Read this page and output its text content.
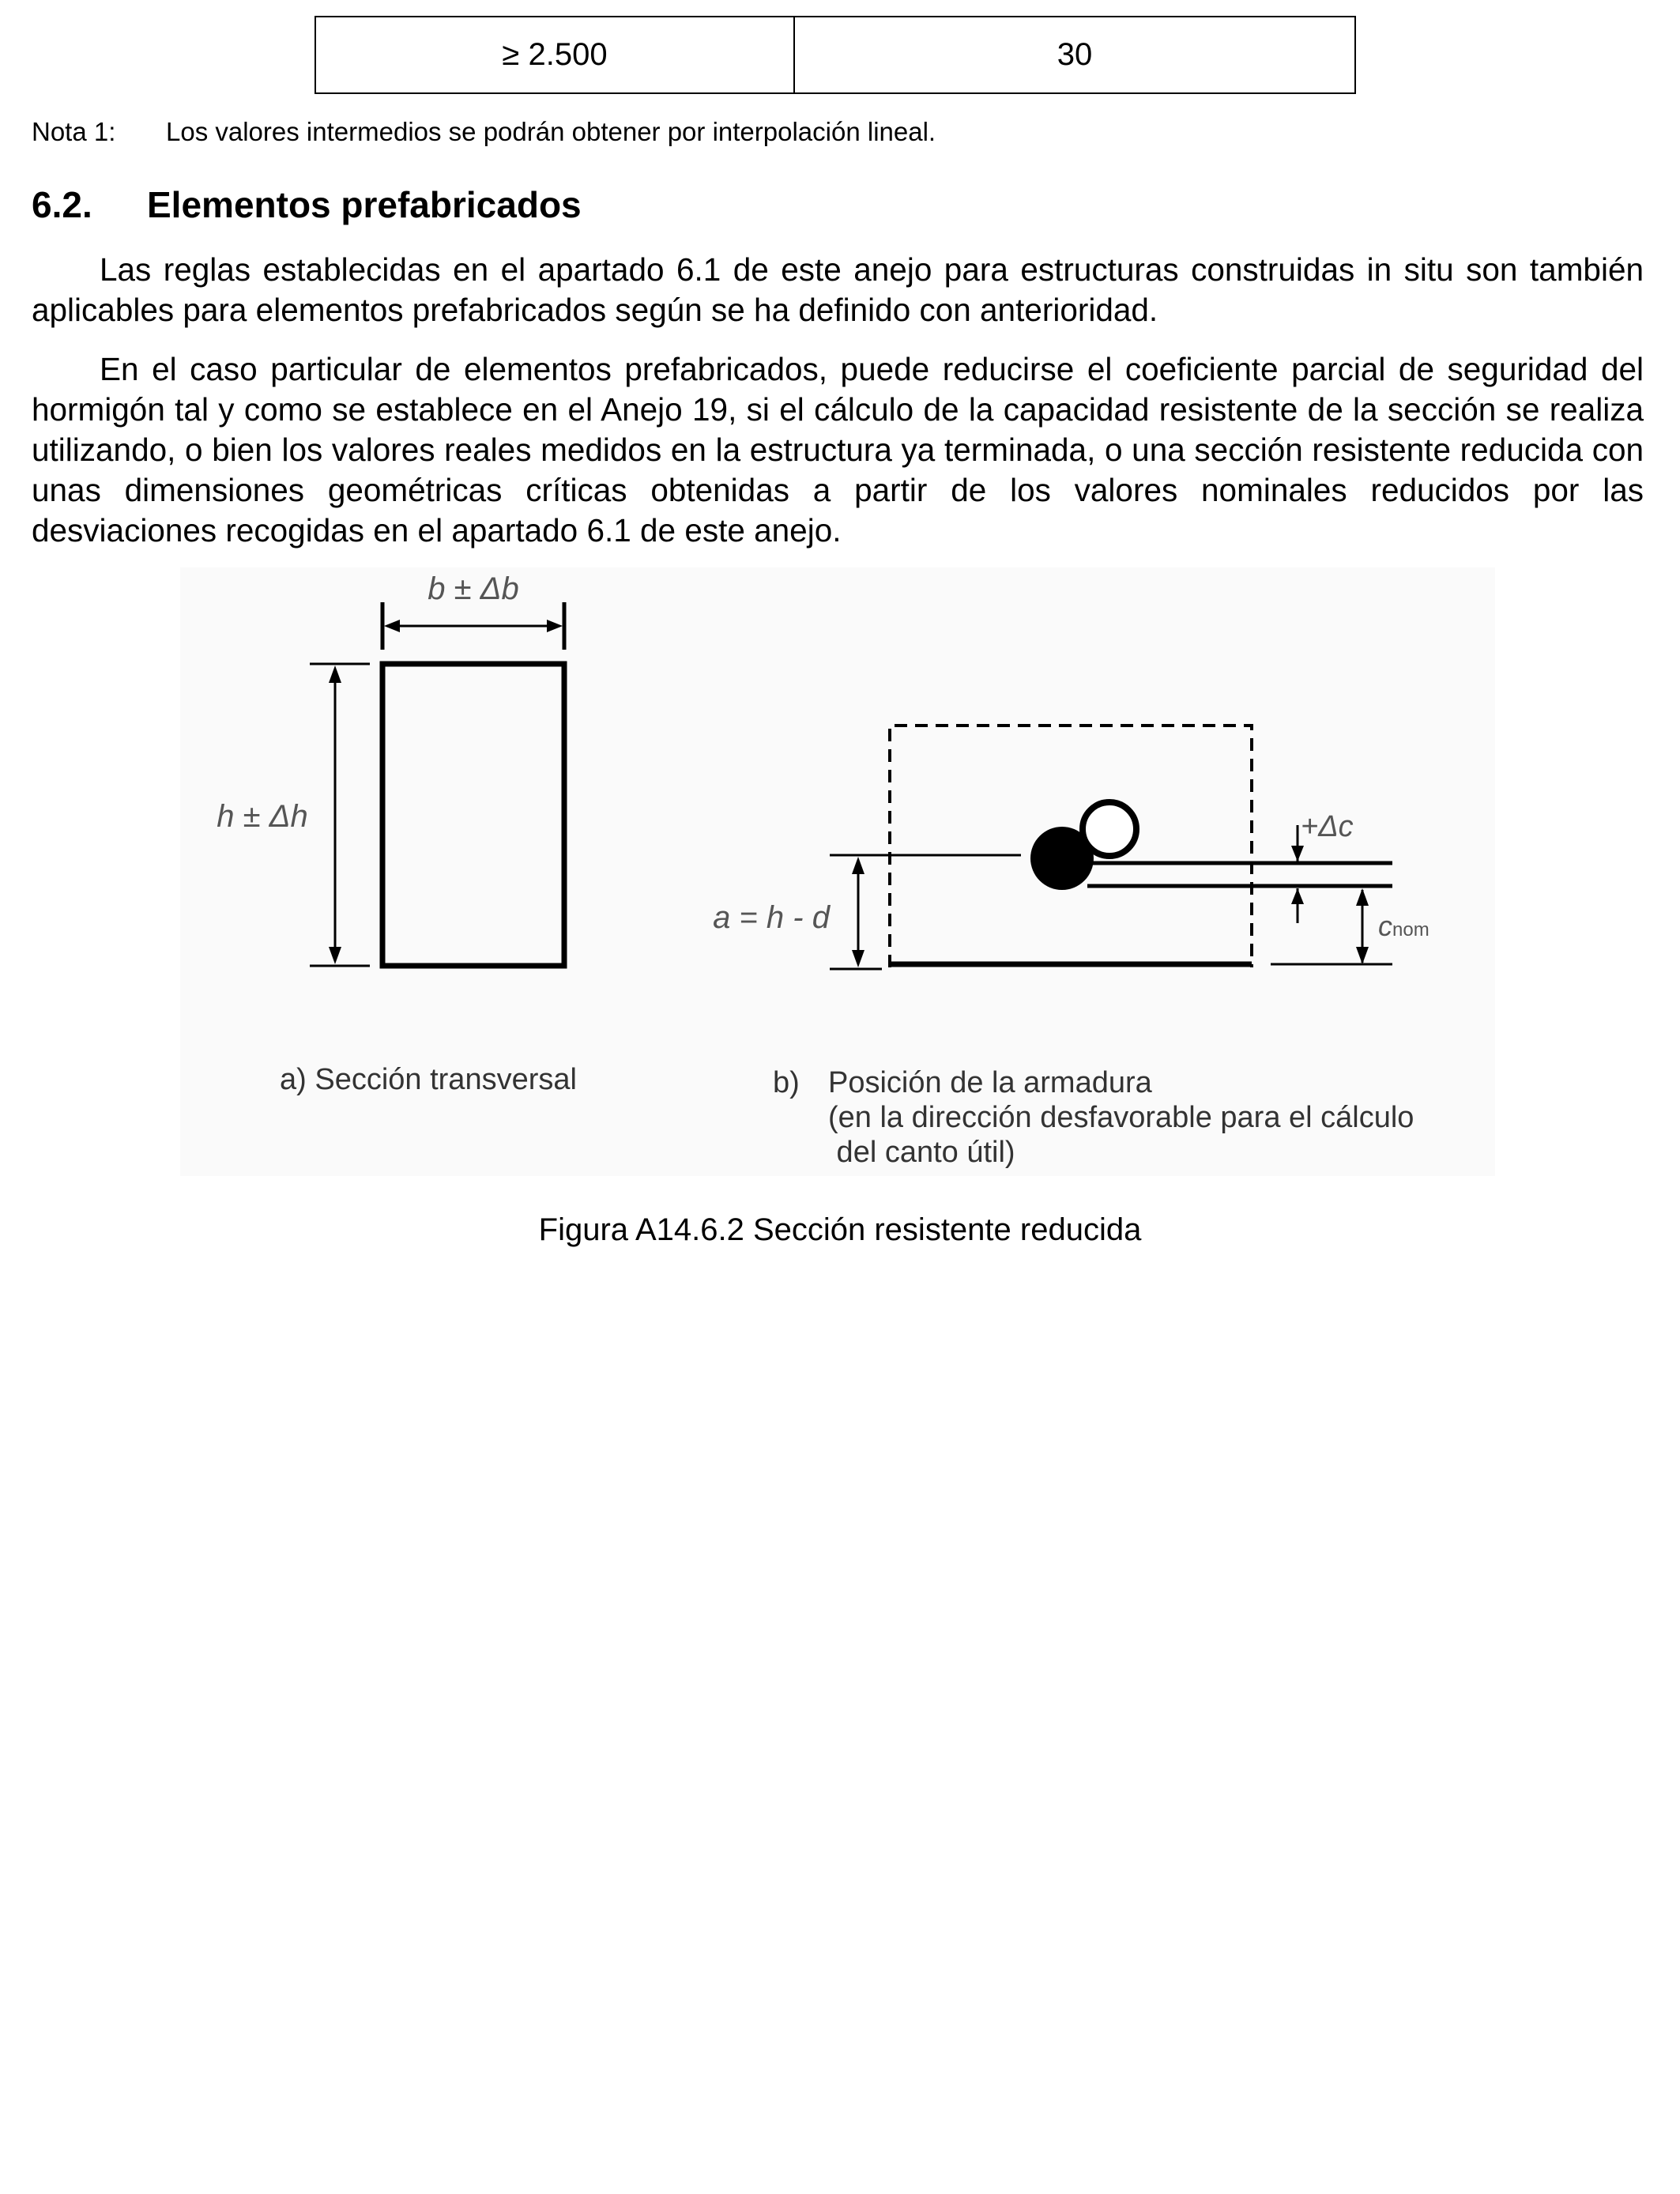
≥ 2.500	30
Nota 1: Los valores intermedios se podrán obtener por interpolación lineal.
6.2. Elementos prefabricados

Las reglas establecidas en el apartado 6.1 de este anejo para estructuras construidas in situ son también aplicables para elementos prefabricados según se ha definido con anterioridad.

En el caso particular de elementos prefabricados, puede reducirse el coeficiente parcial de seguridad del hormigón tal y como se establece en el Anejo 19, si el cálculo de la capacidad resistente de la sección se realiza utilizando, o bien los valores reales medidos en la estructura ya terminada, o una sección resistente reducida con unas dimensiones geométricas críticas obtenidas a partir de los valores nominales reducidos por las desviaciones recogidas en el apartado 6.1 de este anejo.

b ± Δb
h ± Δh
a = h - d
+Δc
cnom
a) Sección transversal	b) Posición de la armadura
(en la dirección desfavorable para el cálculo
del canto útil)
Figura A14.6.2 Sección resistente reducida
